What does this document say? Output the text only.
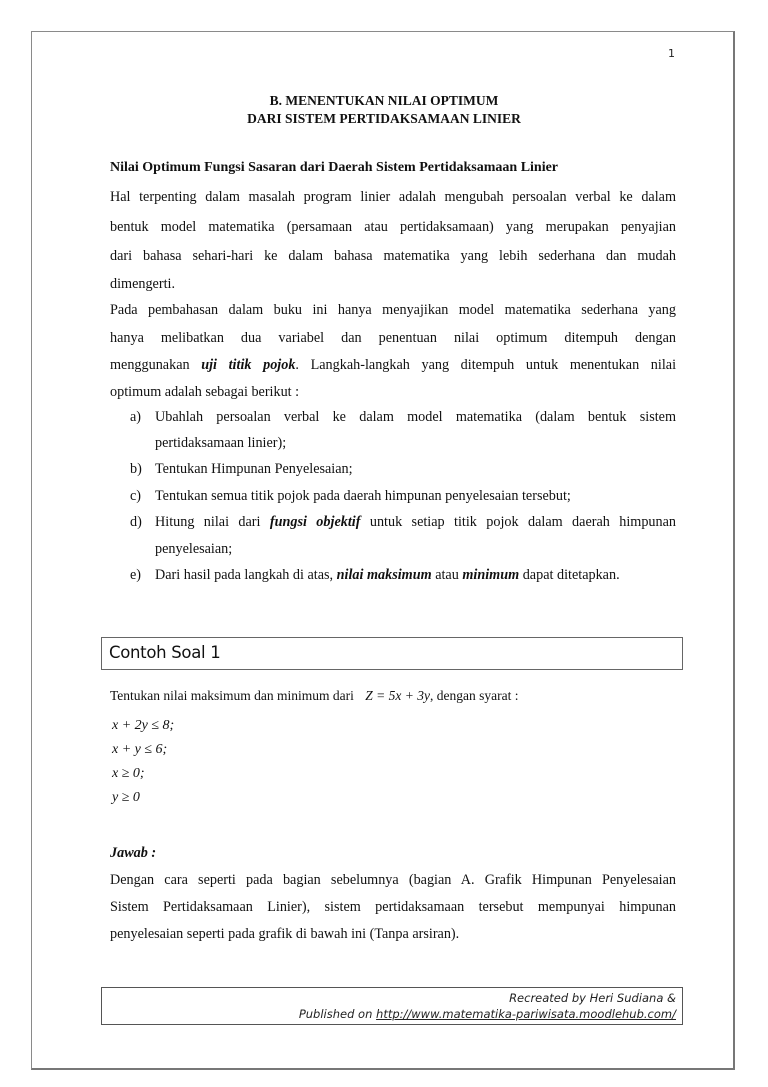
1
B. MENENTUKAN NILAI OPTIMUM
DARI SISTEM PERTIDAKSAMAAN LINIER
Nilai Optimum Fungsi Sasaran dari Daerah Sistem Pertidaksamaan Linier
Hal terpenting dalam masalah program linier adalah mengubah persoalan verbal ke dalam
bentuk model matematika (persamaan atau pertidaksamaan) yang merupakan penyajian
dari bahasa sehari-hari ke dalam bahasa matematika yang lebih sederhana dan mudah
dimengerti.
Pada pembahasan dalam buku ini hanya menyajikan model matematika sederhana yang
hanya melibatkan dua variabel dan penentuan nilai optimum ditempuh dengan
menggunakan uji titik pojok. Langkah-langkah yang ditempuh untuk menentukan nilai
optimum adalah sebagai berikut :
a) Ubahlah persoalan verbal ke dalam model matematika (dalam bentuk sistem
pertidaksamaan linier);
b) Tentukan Himpunan Penyelesaian;
c) Tentukan semua titik pojok pada daerah himpunan penyelesaian tersebut;
d) Hitung nilai dari fungsi objektif untuk setiap titik pojok dalam daerah himpunan
penyelesaian;
e) Dari hasil pada langkah di atas, nilai maksimum atau minimum dapat ditetapkan.
Contoh Soal 1
Tentukan nilai maksimum dan minimum dari Z = 5x + 3y, dengan syarat :
x + 2y ≤ 8;
x + y ≤ 6;
x ≥ 0;
y ≥ 0
Jawab :
Dengan cara seperti pada bagian sebelumnya (bagian A. Grafik Himpunan Penyelesaian
Sistem Pertidaksamaan Linier), sistem pertidaksamaan tersebut mempunyai himpunan
penyelesaian seperti pada grafik di bawah ini (Tanpa arsiran).
Recreated by Heri Sudiana &
Published on http://www.matematika-pariwisata.moodlehub.com/
